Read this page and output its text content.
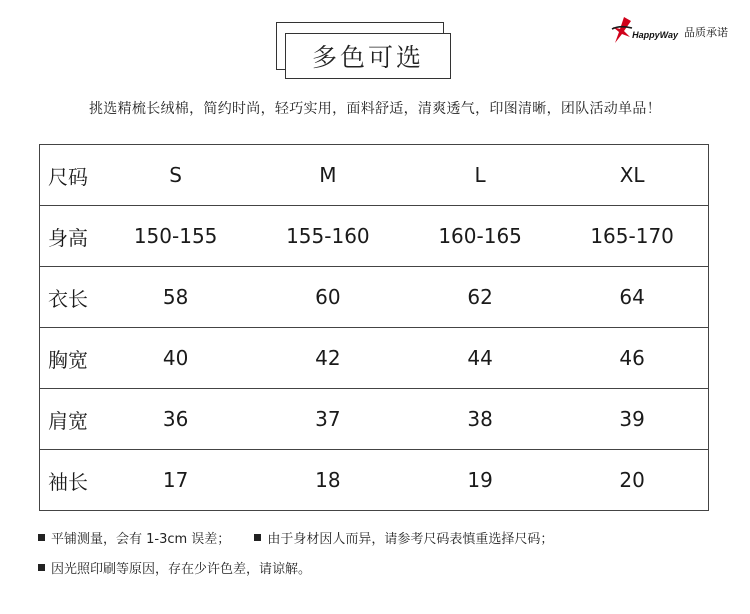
多色可选
HappyWay 品质承诺
挑选精梳长绒棉，简约时尚，轻巧实用，面料舒适，清爽透气，印图清晰，团队活动单品！
尺码	S	M	L	XL
身高	150-155	155-160	160-165	165-170
衣长	58	60	62	64
胸宽	40	42	44	46
肩宽	36	37	38	39
袖长	17	18	19	20
平铺测量，会有 1-3cm 误差；	由于身材因人而异，请参考尺码表慎重选择尺码；
因光照印刷等原因，存在少许色差，请谅解。
